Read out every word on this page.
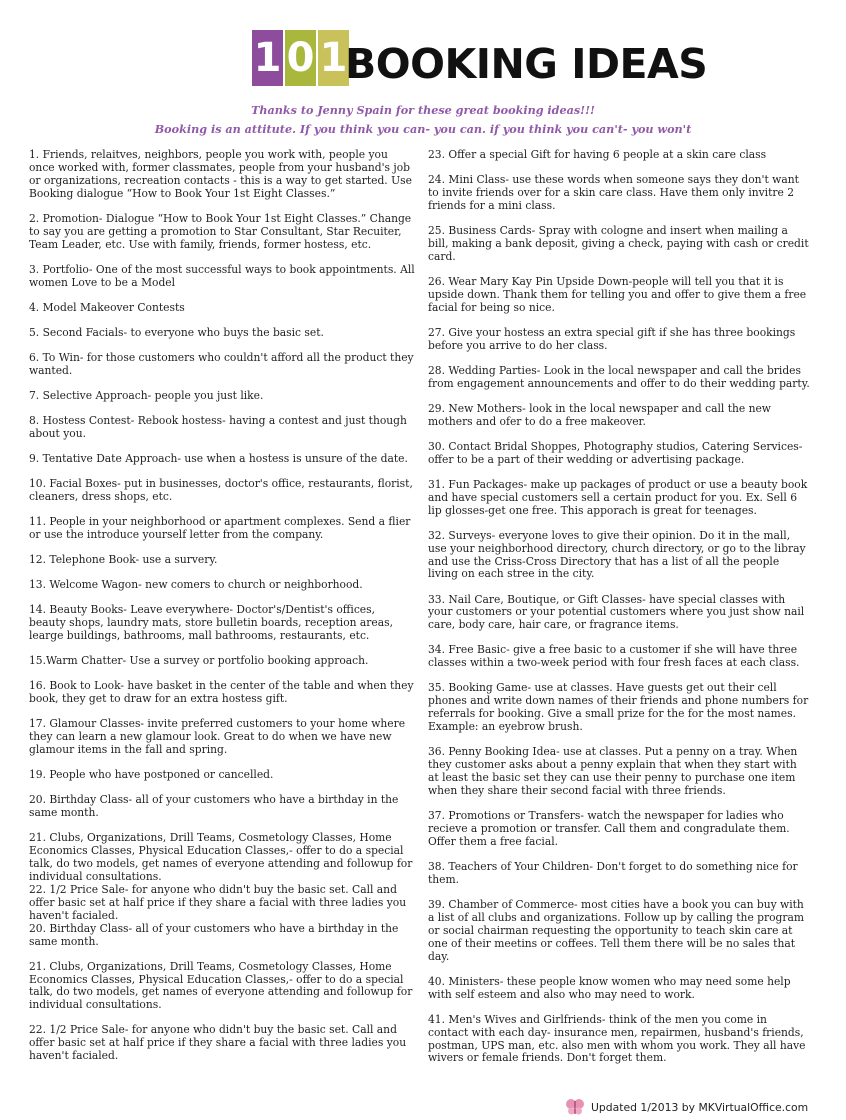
1 0 1
BOOKING IDEAS
Thanks to Jenny Spain for these great booking ideas!!!
Booking is an attitute. If you think you can- you can. if you think you can't- you won't

1. Friends, relaitves, neighbors, people you work with, people you once worked with, former classmates, people from your husband's job or organizations, recreation contacts - this is a way to get started. Use Booking dialogue “How to Book Your 1st Eight Classes.”

2. Promotion- Dialogue “How to Book Your 1st Eight Classes.” Change to say you are getting a promotion to Star Consultant, Star Recuiter, Team Leader, etc. Use with family, friends, former hostess, etc.

3. Portfolio- One of the most successful ways to book appointments. All women Love to be a Model

4. Model Makeover Contests

5. Second Facials- to everyone who buys the basic set.

6. To Win- for those customers who couldn't afford all the product they wanted.

7. Selective Approach- people you just like.

8. Hostess Contest- Rebook hostess- having a contest and just though about you.

9. Tentative Date Approach- use when a hostess is unsure of the date.

10. Facial Boxes- put in businesses, doctor's office, restaurants, florist, cleaners, dress shops, etc.

11. People in your neighborhood or apartment complexes. Send a flier or use the introduce yourself letter from the company.

12. Telephone Book- use a survery.

13. Welcome Wagon- new comers to church or neighborhood.

14. Beauty Books- Leave everywhere- Doctor's/Dentist's offices, beauty shops, laundry mats, store bulletin boards, reception areas, learge buildings, bathrooms, mall bathrooms, restaurants, etc.

15.Warm Chatter- Use a survey or portfolio booking approach.

16. Book to Look- have basket in the center of the table and when they book, they get to draw for an extra hostess gift.

17. Glamour Classes- invite preferred customers to your home where they can learn a new glamour look. Great to do when we have new glamour items in the fall and spring.

19. People who have postponed or cancelled.

20. Birthday Class- all of your customers who have a birthday in the same month.

21. Clubs, Organizations, Drill Teams, Cosmetology Classes, Home Economics Classes, Physical Education Classes,- offer to do a special talk, do two models, get names of everyone attending and followup for individual consultations.

22. 1/2 Price Sale- for anyone who didn't buy the basic set. Call and offer basic set at half price if they share a facial with three ladies you haven't facialed.

20. Birthday Class- all of your customers who have a birthday in the same month.

21. Clubs, Organizations, Drill Teams, Cosmetology Classes, Home Economics Classes, Physical Education Classes,- offer to do a special talk, do two models, get names of everyone attending and followup for individual consultations.

22. 1/2 Price Sale- for anyone who didn't buy the basic set. Call and offer basic set at half price if they share a facial with three ladies you haven't facialed.

23. Offer a special Gift for having 6 people at a skin care class

24. Mini Class- use these words when someone says they don't want to invite friends over for a skin care class. Have them only invitre 2 friends for a mini class.

25. Business Cards- Spray with cologne and insert when mailing a bill, making a bank deposit, giving a check, paying with cash or credit card.

26. Wear Mary Kay Pin Upside Down-people will tell you that it is upside down. Thank them for telling you and offer to give them a free facial for being so nice.

27. Give your hostess an extra special gift if she has three bookings before you arrive to do her class.

28. Wedding Parties- Look in the local newspaper and call the brides from engagement announcements and offer to do their wedding party.

29. New Mothers- look in the local newspaper and call the new mothers and ofer to do a free makeover.

30. Contact Bridal Shoppes, Photography studios, Catering Services- offer to be a part of their wedding or advertising package.

31. Fun Packages- make up packages of product or use a beauty book and have special customers sell a certain product for you. Ex. Sell 6 lip glosses-get one free. This apporach is great for teenages.

32. Surveys- everyone loves to give their opinion. Do it in the mall, use your neighborhood directory, church directory, or go to the libray and use the Criss-Cross Directory that has a list of all the people living on each stree in the city.

33. Nail Care, Boutique, or Gift Classes- have special classes with your customers or your potential customers where you just show nail care, body care, hair care, or fragrance items.

34. Free Basic- give a free basic to a customer if she will have three classes within a two-week period with four fresh faces at each class.

35. Booking Game- use at classes. Have guests get out their cell phones and write down names of their friends and phone numbers for referrals for booking. Give a small prize for the for the most names. Example: an eyebrow brush.

36. Penny Booking Idea- use at classes. Put a penny on a tray. When they customer asks about a penny explain that when they start with at least the basic set they can use their penny to purchase one item when they share their second facial with three friends.

37. Promotions or Transfers- watch the newspaper for ladies who recieve a promotion or transfer. Call them and congradulate them. Offer them a free facial.

38. Teachers of Your Children- Don't forget to do something nice for them.

39. Chamber of Commerce- most cities have a book you can buy with a list of all clubs and organizations. Follow up by calling the program or social chairman requesting the opportunity to teach skin care at one of their meetins or coffees. Tell them there will be no sales that day.

40. Ministers- these people know women who may need some help with self esteem and also who may need to work.

41. Men's Wives and Girlfriends- think of the men you come in contact with each day- insurance men, repairmen, husband's friends, postman, UPS man, etc. also men with whom you work. They all have wivers or female friends. Don't forget them.

Updated 1/2013 by MKVirtualOffice.com
